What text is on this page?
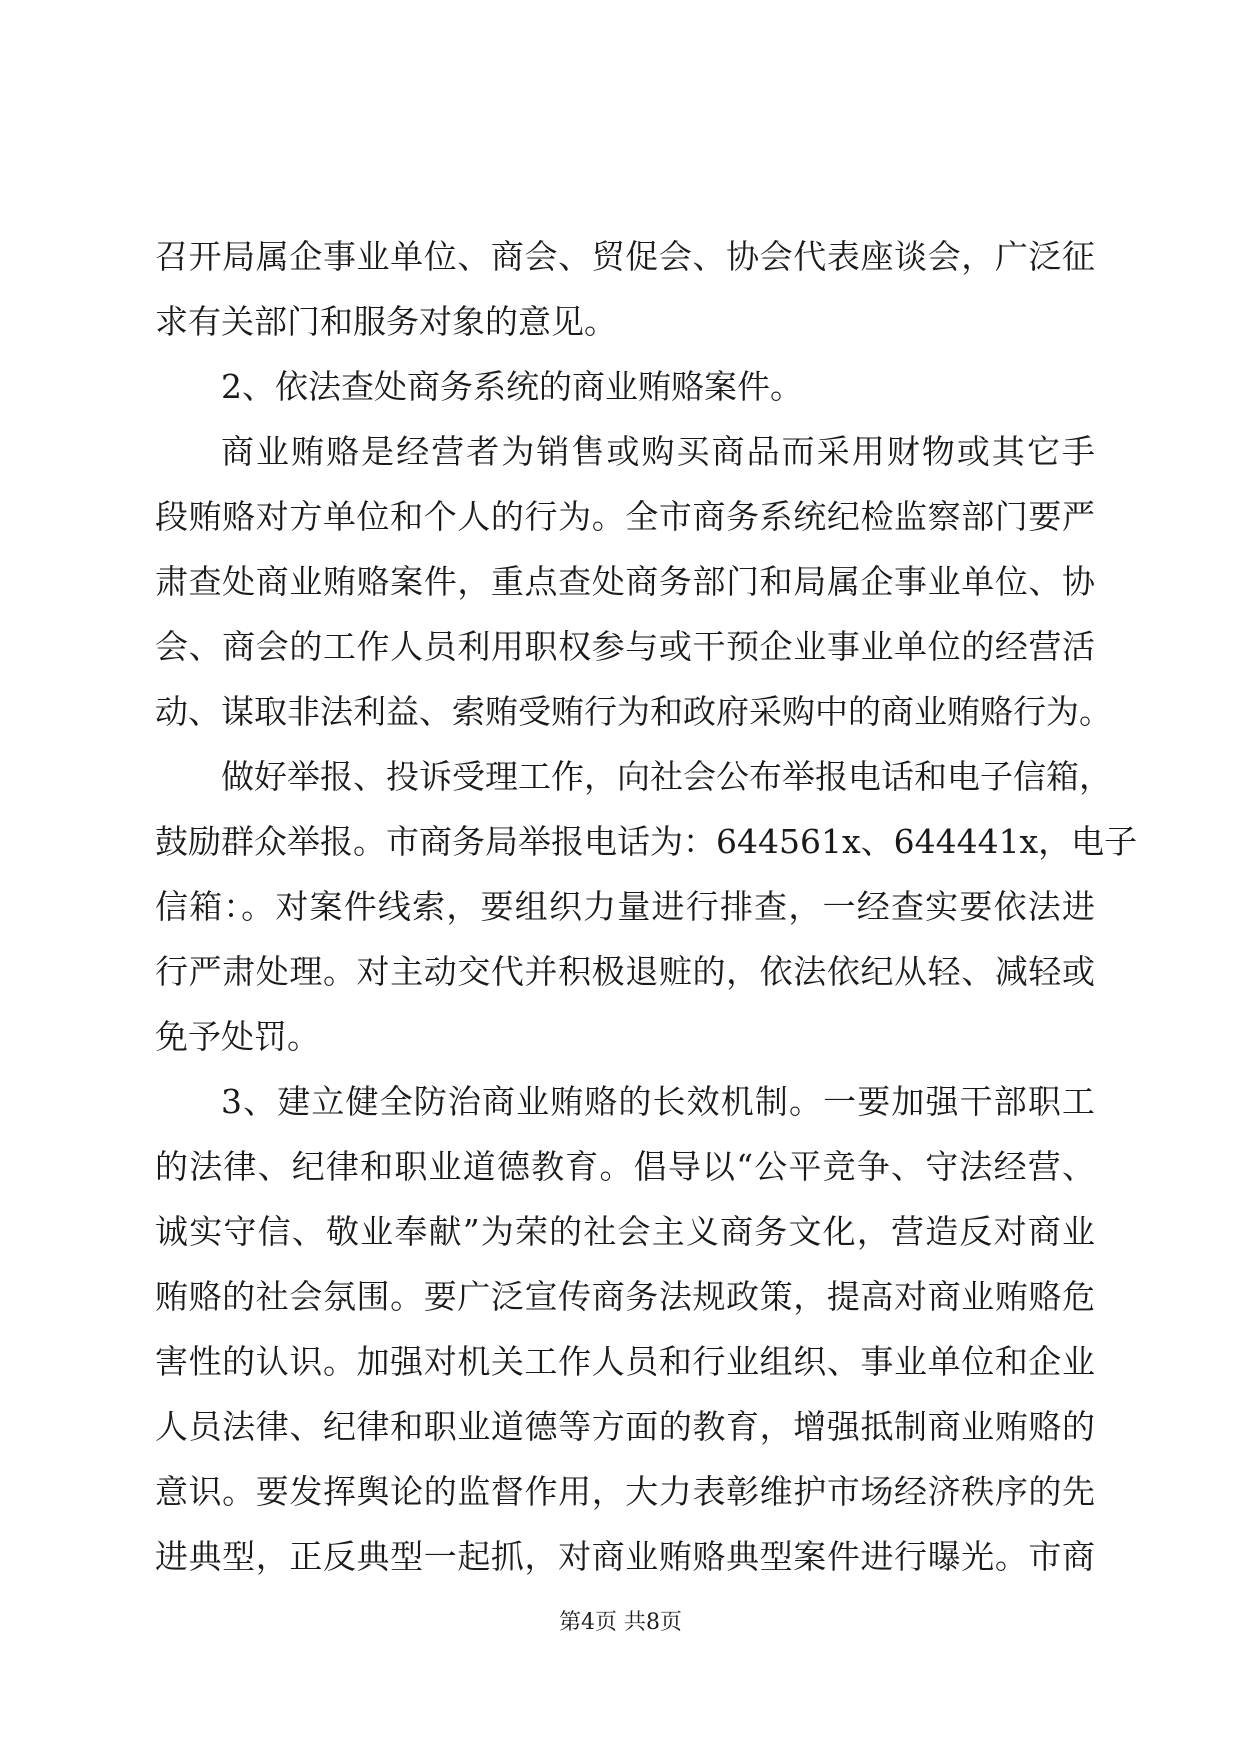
召开局属企事业单位、商会、贸促会、协会代表座谈会，广泛征
求有关部门和服务对象的意见。
2、依法查处商务系统的商业贿赂案件。
商业贿赂是经营者为销售或购买商品而采用财物或其它手
段贿赂对方单位和个人的行为。全市商务系统纪检监察部门要严
肃查处商业贿赂案件，重点查处商务部门和局属企事业单位、协
会、商会的工作人员利用职权参与或干预企业事业单位的经营活
动、谋取非法利益、索贿受贿行为和政府采购中的商业贿赂行为。
做好举报、投诉受理工作，向社会公布举报电话和电子信箱，
鼓励群众举报。市商务局举报电话为：644561x、644441x，电子
信箱：。对案件线索，要组织力量进行排查，一经查实要依法进
行严肃处理。对主动交代并积极退赃的，依法依纪从轻、减轻或
免予处罚。
3、建立健全防治商业贿赂的长效机制。一要加强干部职工
的法律、纪律和职业道德教育。倡导以“公平竞争、守法经营、
诚实守信、敬业奉献”为荣的社会主义商务文化，营造反对商业
贿赂的社会氛围。要广泛宣传商务法规政策，提高对商业贿赂危
害性的认识。加强对机关工作人员和行业组织、事业单位和企业
人员法律、纪律和职业道德等方面的教育，增强抵制商业贿赂的
意识。要发挥舆论的监督作用，大力表彰维护市场经济秩序的先
进典型，正反典型一起抓，对商业贿赂典型案件进行曝光。市商
第4页 共8页
